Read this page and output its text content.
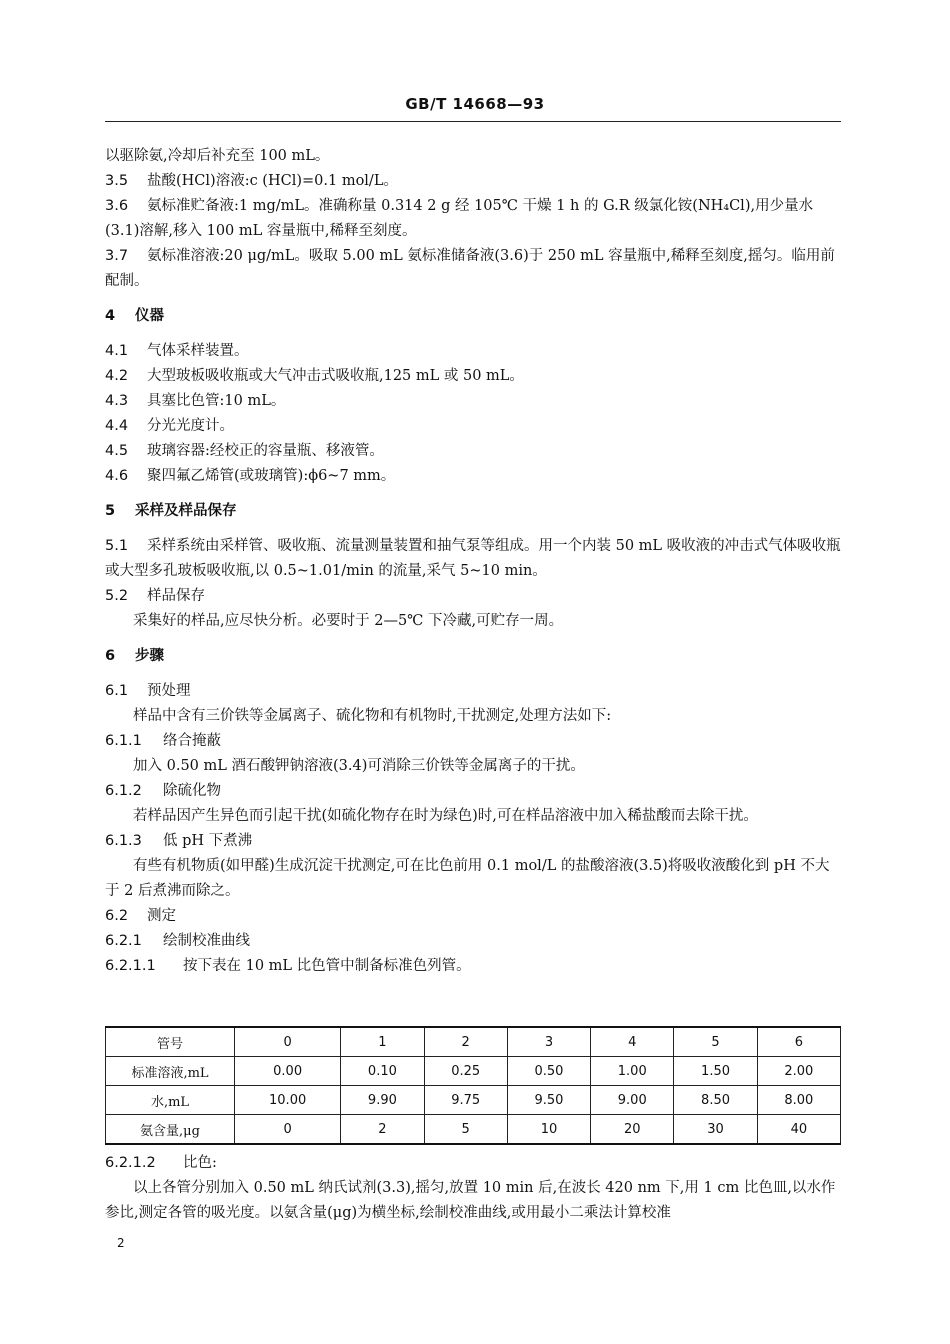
GB/T 14668—93

以驱除氨,冷却后补充至 100 mL。

3.5 盐酸(HCl)溶液:c (HCl)=0.1 mol/L。

3.6 氨标准贮备液:1 mg/mL。准确称量 0.314 2 g 经 105℃ 干燥 1 h 的 G.R 级氯化铵(NH₄Cl),用少量水(3.1)溶解,移入 100 mL 容量瓶中,稀释至刻度。

3.7 氨标准溶液:20 μg/mL。吸取 5.00 mL 氨标准储备液(3.6)于 250 mL 容量瓶中,稀释至刻度,摇匀。临用前配制。

4 仪器

4.1 气体采样装置。

4.2 大型玻板吸收瓶或大气冲击式吸收瓶,125 mL 或 50 mL。

4.3 具塞比色管:10 mL。

4.4 分光光度计。

4.5 玻璃容器:经校正的容量瓶、移液管。

4.6 聚四氟乙烯管(或玻璃管):ϕ6~7 mm。

5 采样及样品保存

5.1 采样系统由采样管、吸收瓶、流量测量装置和抽气泵等组成。用一个内装 50 mL 吸收液的冲击式气体吸收瓶或大型多孔玻板吸收瓶,以 0.5~1.01/min 的流量,采气 5~10 min。

5.2 样品保存

采集好的样品,应尽快分析。必要时于 2—5℃ 下冷藏,可贮存一周。

6 步骤

6.1 预处理

样品中含有三价铁等金属离子、硫化物和有机物时,干扰测定,处理方法如下:

6.1.1 络合掩蔽

加入 0.50 mL 酒石酸钾钠溶液(3.4)可消除三价铁等金属离子的干扰。

6.1.2 除硫化物

若样品因产生异色而引起干扰(如硫化物存在时为绿色)时,可在样品溶液中加入稀盐酸而去除干扰。

6.1.3 低 pH 下煮沸

有些有机物质(如甲醛)生成沉淀干扰测定,可在比色前用 0.1 mol/L 的盐酸溶液(3.5)将吸收液酸化到 pH 不大于 2 后煮沸而除之。

6.2 测定

6.2.1 绘制校准曲线

6.2.1.1 按下表在 10 mL 比色管中制备标准色列管。

管号	0	1	2	3	4	5	6
标准溶液,mL	0.00	0.10	0.25	0.50	1.00	1.50	2.00
水,mL	10.00	9.90	9.75	9.50	9.00	8.50	8.00
氨含量,μg	0	2	5	10	20	30	40

6.2.1.2 比色:

以上各管分别加入 0.50 mL 纳氏试剂(3.3),摇匀,放置 10 min 后,在波长 420 nm 下,用 1 cm 比色皿,以水作参比,测定各管的吸光度。以氨含量(μg)为横坐标,绘制校准曲线,或用最小二乘法计算校准

2
